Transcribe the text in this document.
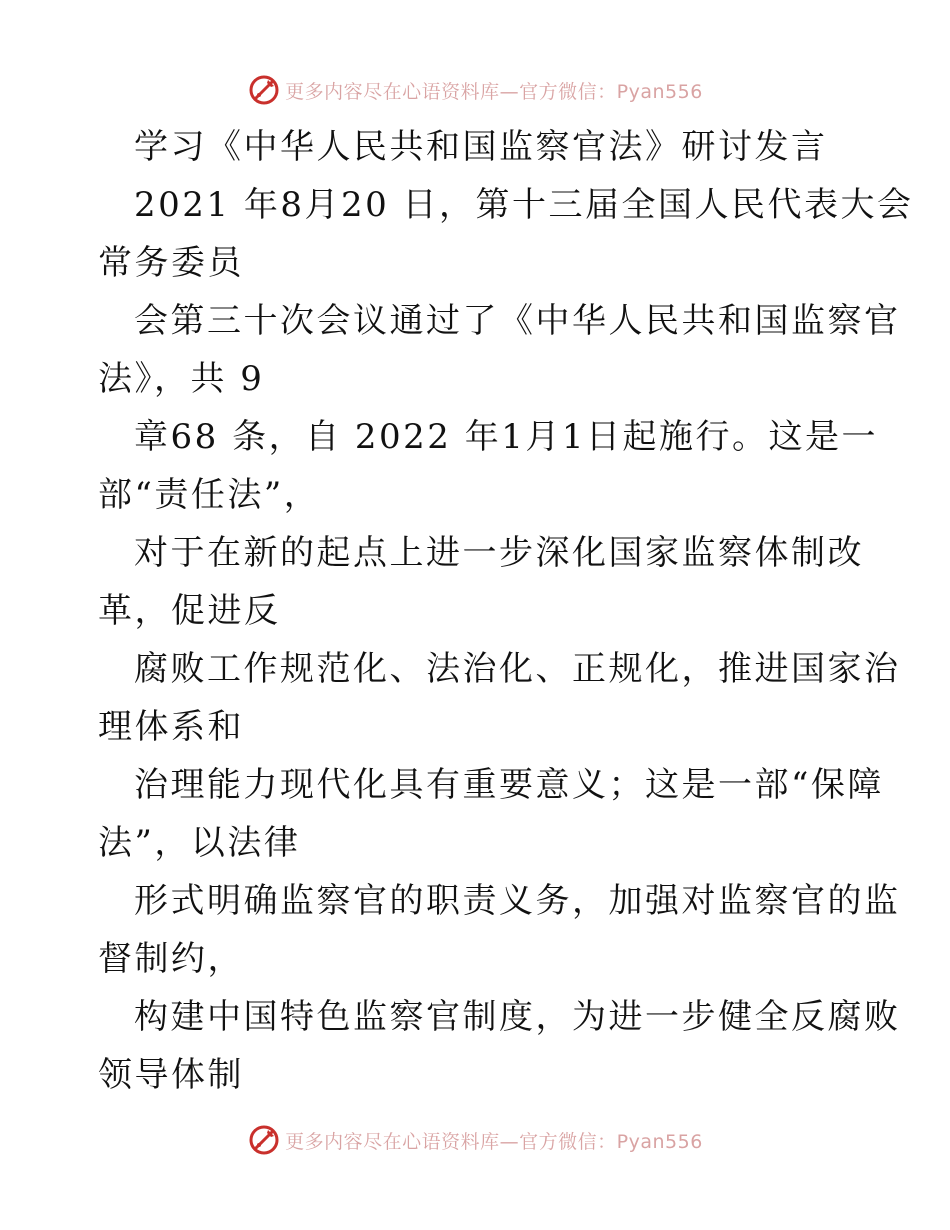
更多内容尽在心语资料库—官方微信：Pyan556
学习《中华人民共和国监察官法》研讨发言
2021 年8月20 日，第十三届全国人民代表大会
常务委员
会第三十次会议通过了《中华人民共和国监察官
法》，共 9
章68 条，自 2022 年1月1日起施行。这是一
部“责任法”，
对于在新的起点上进一步深化国家监察体制改
革，促进反
腐败工作规范化、法治化、正规化，推进国家治
理体系和
治理能力现代化具有重要意义；这是一部“保障
法”，以法律
形式明确监察官的职责义务，加强对监察官的监
督制约，
构建中国特色监察官制度，为进一步健全反腐败
领导体制
更多内容尽在心语资料库—官方微信：Pyan556
